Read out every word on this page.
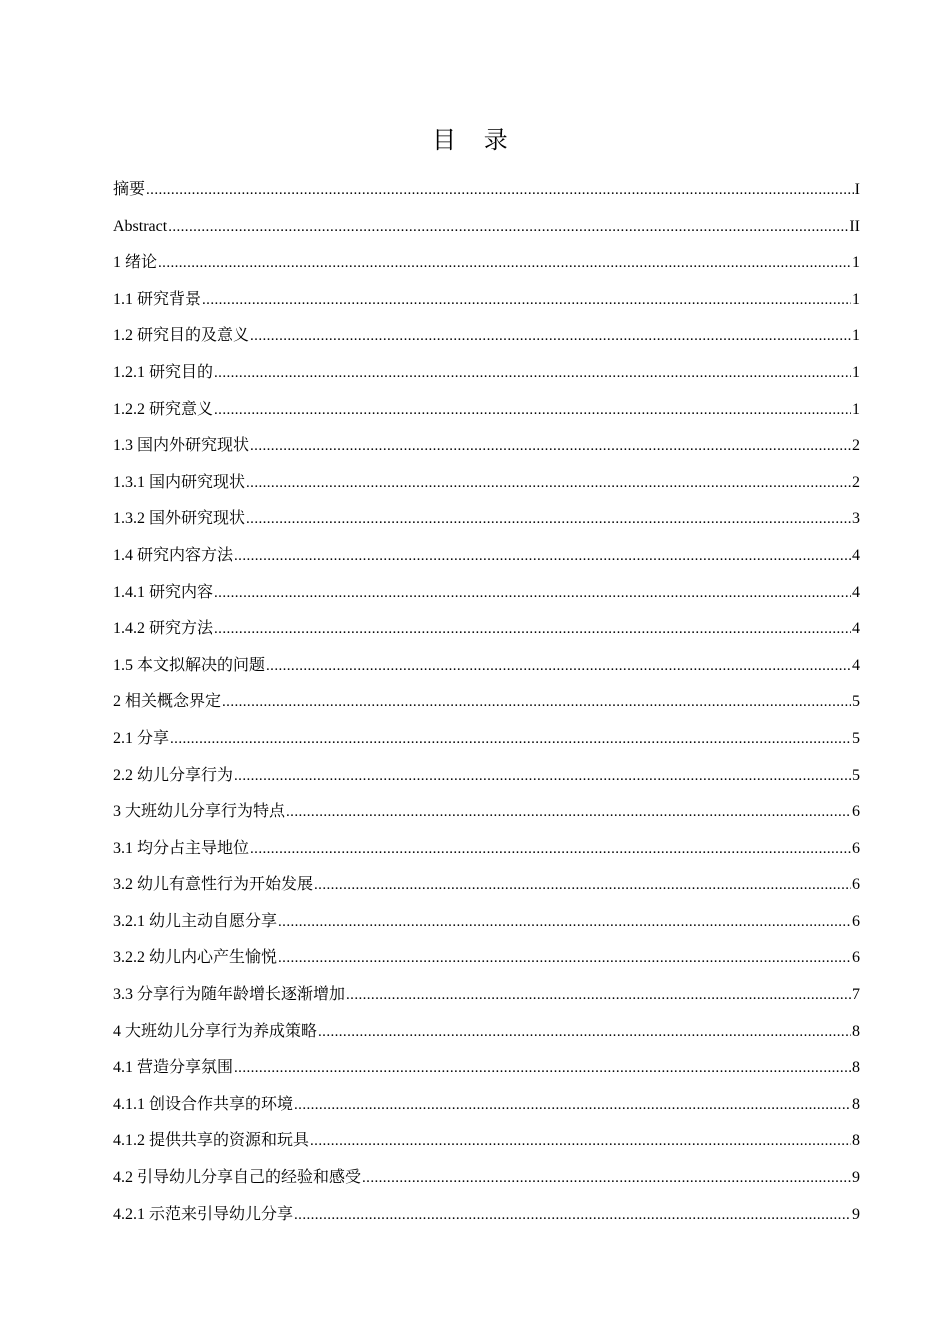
目 录
摘要 .....	I
Abstract .....	II
1 绪论 .....	1
1.1 研究背景 .....	1
1.2 研究目的及意义 .....	1
1.2.1 研究目的 .....	1
1.2.2 研究意义 .....	1
1.3 国内外研究现状 .....	2
1.3.1 国内研究现状 .....	2
1.3.2 国外研究现状 .....	3
1.4 研究内容方法 .....	4
1.4.1 研究内容 .....	4
1.4.2 研究方法 .....	4
1.5 本文拟解决的问题 .....	4
2 相关概念界定 .....	5
2.1 分享 .....	5
2.2 幼儿分享行为 .....	5
3 大班幼儿分享行为特点 .....	6
3.1 均分占主导地位 .....	6
3.2 幼儿有意性行为开始发展 .....	6
3.2.1 幼儿主动自愿分享 .....	6
3.2.2 幼儿内心产生愉悦 .....	6
3.3 分享行为随年龄增长逐渐增加 .....	7
4 大班幼儿分享行为养成策略 .....	8
4.1 营造分享氛围 .....	8
4.1.1 创设合作共享的环境 .....	8
4.1.2 提供共享的资源和玩具 .....	8
4.2 引导幼儿分享自己的经验和感受 .....	9
4.2.1 示范来引导幼儿分享 .....	9
